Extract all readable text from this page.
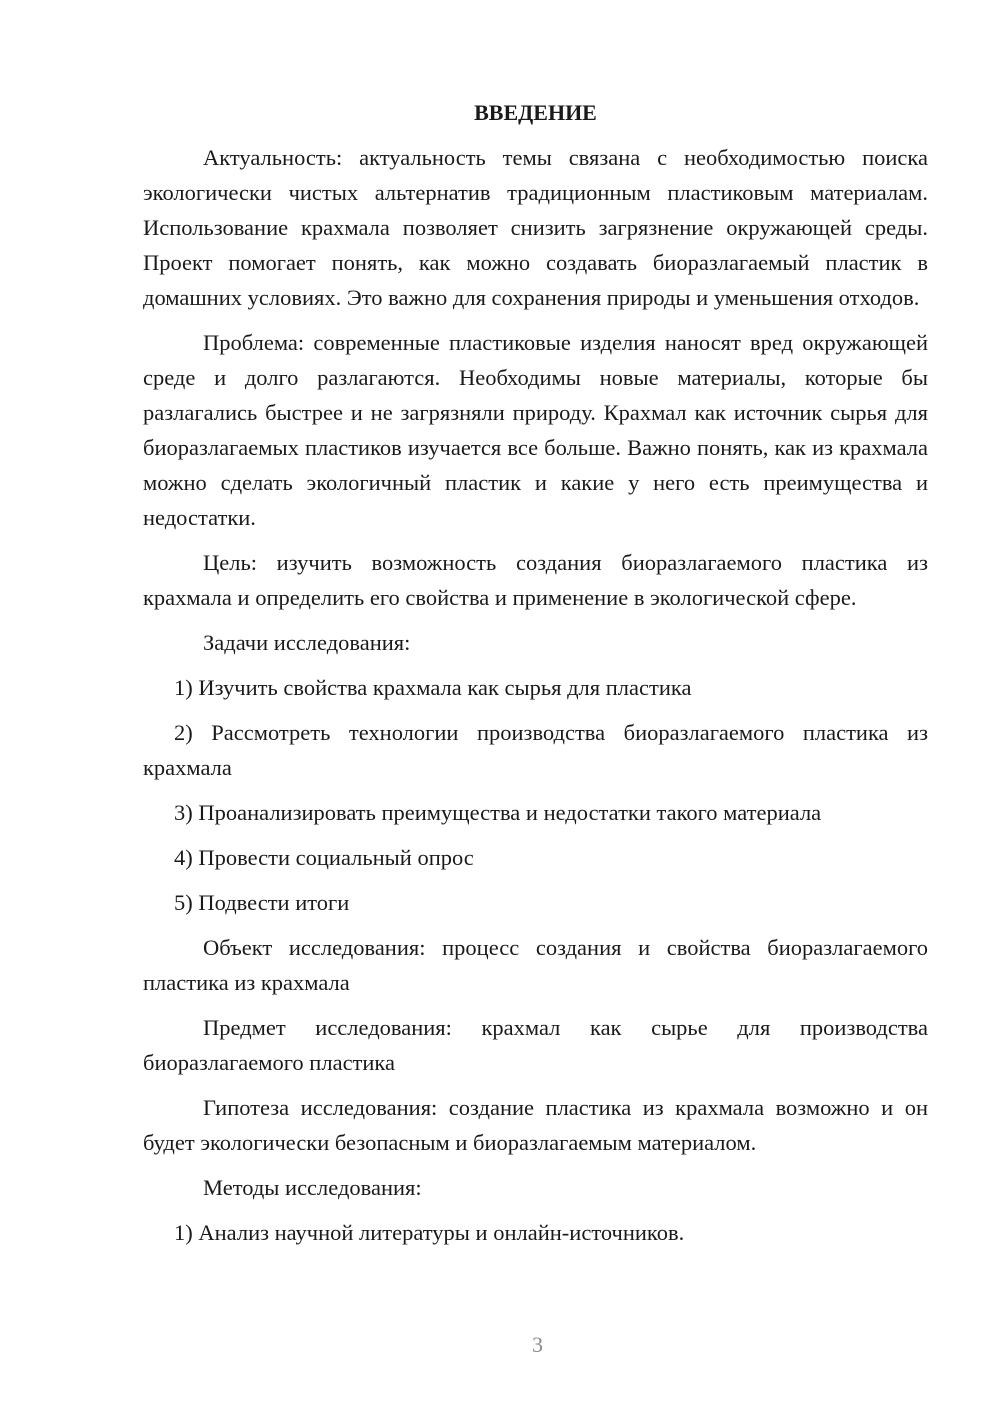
ВВЕДЕНИЕ

Актуальность: актуальность темы связана с необходимостью поиска экологически чистых альтернатив традиционным пластиковым материалам. Использование крахмала позволяет снизить загрязнение окружающей среды. Проект помогает понять, как можно создавать биоразлагаемый пластик в домашних условиях. Это важно для сохранения природы и уменьшения отходов.

Проблема: современные пластиковые изделия наносят вред окружающей среде и долго разлагаются. Необходимы новые материалы, которые бы разлагались быстрее и не загрязняли природу. Крахмал как источник сырья для биоразлагаемых пластиков изучается все больше. Важно понять, как из крахмала можно сделать экологичный пластик и какие у него есть преимущества и недостатки.

Цель: изучить возможность создания биоразлагаемого пластика из крахмала и определить его свойства и применение в экологической сфере.

Задачи исследования:

1) Изучить свойства крахмала как сырья для пластика

2) Рассмотреть технологии производства биоразлагаемого пластика из крахмала

3) Проанализировать преимущества и недостатки такого материала

4) Провести социальный опрос

5) Подвести итоги

Объект исследования: процесс создания и свойства биоразлагаемого пластика из крахмала

Предмет исследования: крахмал как сырье для производства биоразлагаемого пластика

Гипотеза исследования: создание пластика из крахмала возможно и он будет экологически безопасным и биоразлагаемым материалом.

Методы исследования:

1) Анализ научной литературы и онлайн-источников.

3
